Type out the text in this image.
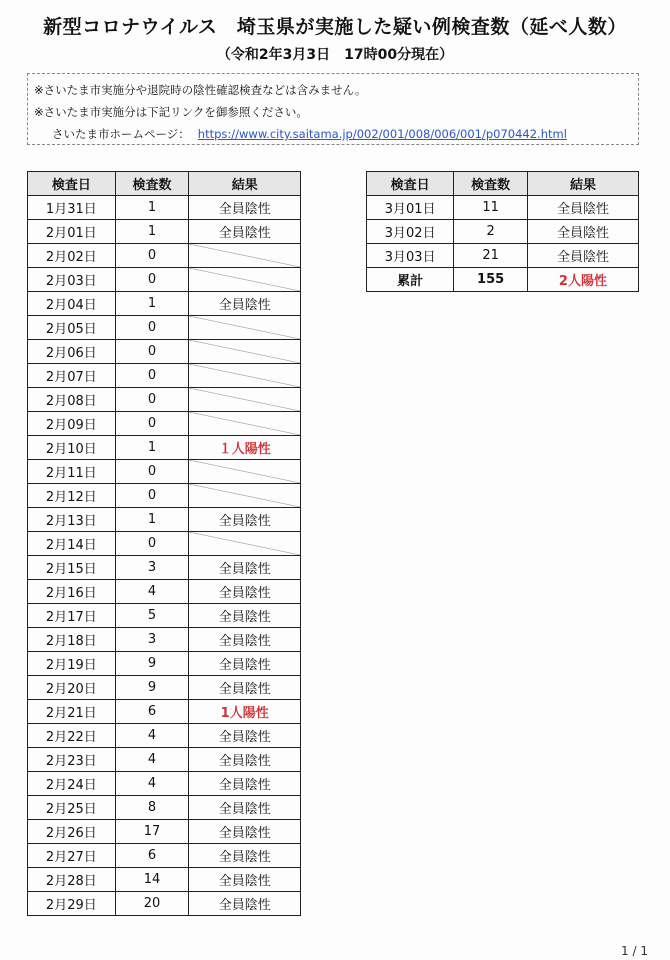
新型コロナウイルス　埼玉県が実施した疑い例検査数（延べ人数）
（令和2年3月3日　17時00分現在）
※さいたま市実施分や退院時の陰性確認検査などは含みません。
※さいたま市実施分は下記リンクを御参照ください。
さいたま市ホームページ： https://www.city.saitama.jp/002/001/008/006/001/p070442.html
検査日	検査数	結果
1月31日	1	全員陰性
2月01日	1	全員陰性
2月02日	0	
2月03日	0	
2月04日	1	全員陰性
2月05日	0	
2月06日	0	
2月07日	0	
2月08日	0	
2月09日	0	
2月10日	1	１人陽性
2月11日	0	
2月12日	0	
2月13日	1	全員陰性
2月14日	0	
2月15日	3	全員陰性
2月16日	4	全員陰性
2月17日	5	全員陰性
2月18日	3	全員陰性
2月19日	9	全員陰性
2月20日	9	全員陰性
2月21日	6	1人陽性
2月22日	4	全員陰性
2月23日	4	全員陰性
2月24日	4	全員陰性
2月25日	8	全員陰性
2月26日	17	全員陰性
2月27日	6	全員陰性
2月28日	14	全員陰性
2月29日	20	全員陰性
検査日	検査数	結果
3月01日	11	全員陰性
3月02日	2	全員陰性
3月03日	21	全員陰性
累計	155	2人陽性
1 / 1
